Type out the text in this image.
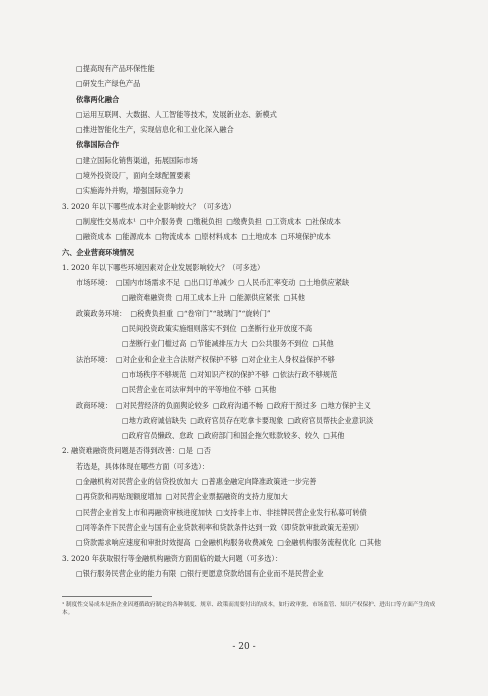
□提高现有产品环保性能
□研发生产绿色产品
依靠两化融合
□运用互联网、大数据、人工智能等技术，发展新业态、新模式
□推进智能化生产，实现信息化和工业化深入融合
依靠国际合作
□建立国际化销售渠道，拓展国际市场
□境外投资设厂，面向全球配置要素
□实施海外并购，增强国际竞争力
3. 2020 年以下哪些成本对企业影响较大？（可多选）
□制度性交易成本¹ □中介服务费 □缴税负担 □缴费负担 □工资成本 □社保成本
□融资成本 □能源成本 □物流成本 □原材料成本 □土地成本 □环境保护成本
六、企业营商环境情况
1. 2020 年以下哪些环境因素对企业发展影响较大？（可多选）
市场环境： □国内市场需求不足 □出口订单减少 □人民币汇率变动 □土地供应紧缺
□融资难融资贵 □用工成本上升 □能源供应紧张 □其他
政策政务环境： □税费负担重 □“卷帘门”“玻璃门”“旋转门”
□民间投资政策实施细则落实不到位 □垄断行业开放度不高
□垄断行业门槛过高 □节能减排压力大 □公共服务不到位 □其他
法治环境： □对企业和企业主合法财产权保护不够 □对企业主人身权益保护不够
□市场秩序不够规范 □对知识产权的保护不够 □依法行政不够规范
□民营企业在司法审判中的平等地位不够 □其他
政商环境： □对民营经济的负面舆论较多 □政府沟通不畅 □政府干预过多 □地方保护主义
□地方政府诚信缺失 □政府官员存在吃拿卡要现象 □政府官员帮扶企业意识淡
□政府官员懒政、怠政 □政府部门和国企拖欠账款较多、较久 □其他
2. 融资难融资贵问题是否得到改善：□是 □否
若选是，具体体现在哪些方面（可多选）：
□金融机构对民营企业的信贷投放加大 □普惠金融定向降准政策进一步完善
□再贷款和再贴现额度增加 □对民营企业票据融资的支持力度加大
□民营企业首发上市和再融资审核进度加快 □支持非上市、非挂牌民营企业发行私募可转债
□同等条件下民营企业与国有企业贷款利率和贷款条件达到一致（即贷款审批政策无差别）
□贷款需求响应速度和审批时效提高 □金融机构服务收费减免 □金融机构服务流程优化 □其他
3. 2020 年获取银行等金融机构融资方面面临的最大问题（可多选）：
□银行服务民营企业的能力有限 □银行更愿意贷款给国有企业而不是民营企业
¹ 制度性交易成本是指企业因遵循政府制定的各种制度、规章、政策而需要付出的成本，如行政审批、市场监管、知识产权保护、进出口等方面产生的成本。
- 20 -
